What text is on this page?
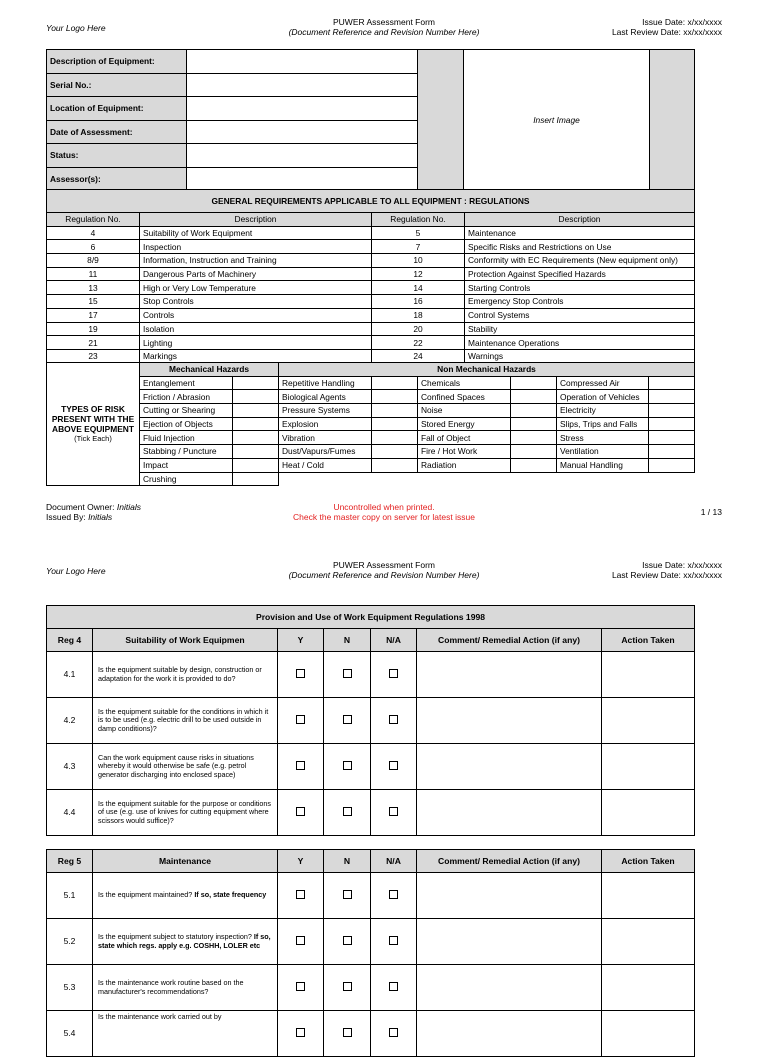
Your Logo Here
PUWER Assessment Form
(Document Reference and Revision Number Here)
Issue Date: x/xx/xxxx
Last Review Date: xx/xx/xxxx
Description of Equipment:			Insert Image	
Serial No.:				
Location of Equipment:				
Date of Assessment:				
Status:				
Assessor(s):				
GENERAL REQUIREMENTS APPLICABLE TO ALL EQUIPMENT : REGULATIONS			
Regulation No.	Description	Regulation No.	Description
4	Suitability of Work Equipment	5	Maintenance
6	Inspection	7	Specific Risks and Restrictions on Use
8/9	Information, Instruction and Training	10	Conformity with EC Requirements (New equipment only)
11	Dangerous Parts of Machinery	12	Protection Against Specified Hazards
13	High or Very Low Temperature	14	Starting Controls
15	Stop Controls	16	Emergency Stop Controls
17	Controls	18	Control Systems
19	Isolation	20	Stability
21	Lighting	22	Maintenance Operations
23	Markings	24	Warnings
TYPES OF RISK PRESENT WITH THE ABOVE EQUIPMENT
(Tick Each)	Mechanical Hazards		Non Mechanical Hazards					
	Entanglement		Repetitive Handling		Chemicals		Compressed Air	
	Friction / Abrasion		Biological Agents		Confined Spaces		Operation of Vehicles	
	Cutting or Shearing		Pressure Systems		Noise		Electricity	
	Ejection of Objects		Explosion		Stored Energy		Slips, Trips and Falls	
	Fluid Injection		Vibration		Fall of Object		Stress	
	Stabbing / Puncture		Dust/Vapurs/Fumes		Fire / Hot Work		Ventilation	
	Impact		Heat / Cold		Radiation		Manual Handling	
	Crushing							
Document Owner: Initials
Issued By: Initials
Uncontrolled when printed.
Check the master copy on server for latest issue	1 / 13
Your Logo Here
PUWER Assessment Form
(Document Reference and Revision Number Here)
Issue Date: x/xx/xxxx
Last Review Date: xx/xx/xxxx
Provision and Use of Work Equipment Regulations 1998						
Reg 4	Suitability of Work Equipmen	Y	N	N/A	Comment/ Remedial Action (if any)	Action Taken
4.1	Is the equipment suitable by design, construction or adaptation for the work it is provided to do?					
4.2	Is the equipment suitable for the conditions in which it is to be used (e.g. electric drill to be used outside in damp conditions)?					
4.3	Can the work equipment cause risks in situations whereby it would otherwise be safe (e.g. petrol generator discharging into enclosed space)					
4.4	Is the equipment suitable for the purpose or conditions of use (e.g. use of knives for cutting equipment where scissors would suffice)?					
Reg 5	Maintenance	Y	N	N/A	Comment/ Remedial Action (if any)	Action Taken
5.1	Is the equipment maintained? If so, state frequency					
5.2	Is the equipment subject to statutory inspection? If so, state which regs. apply e.g. COSHH, LOLER etc					
5.3	Is the maintenance work routine based on the manufacturer's recommendations?					
5.4	Is the maintenance work carried out by					
